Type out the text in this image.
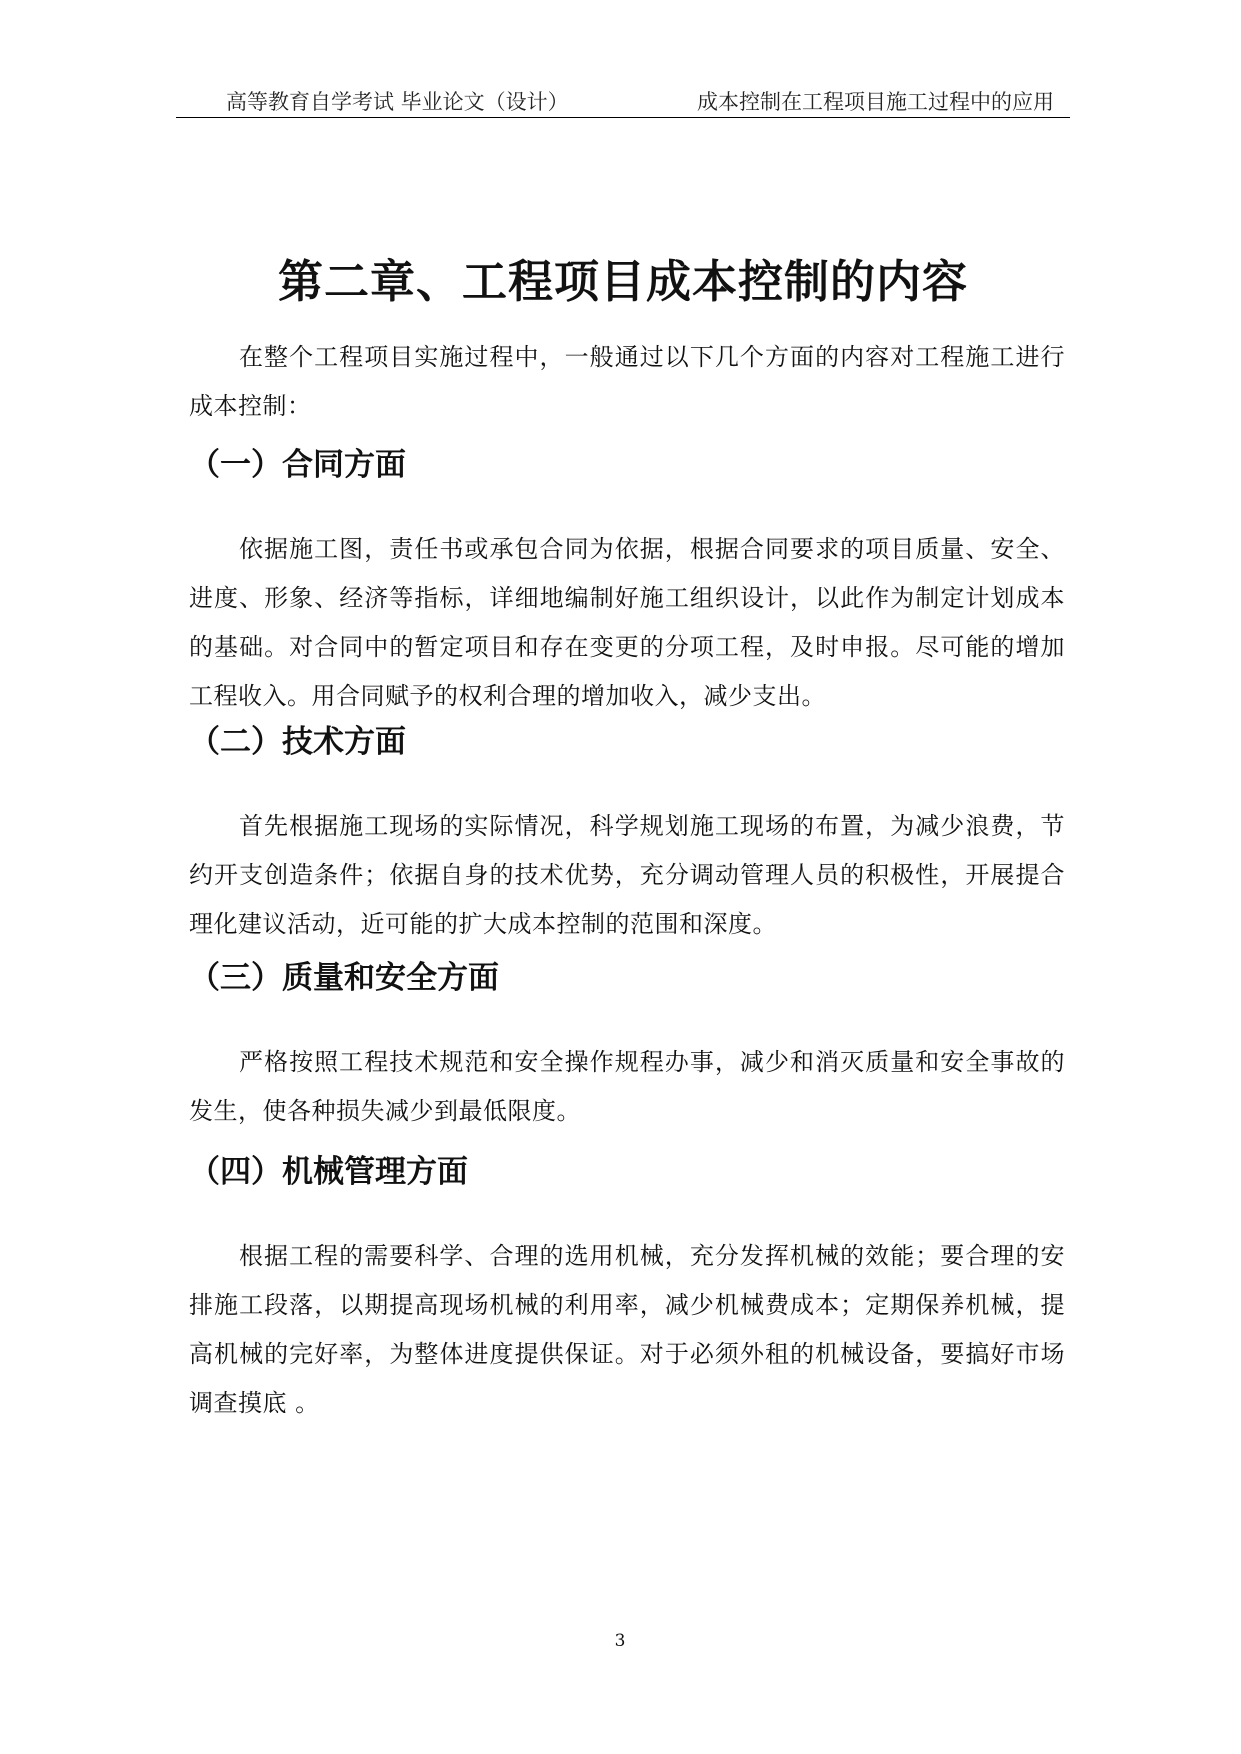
高等教育自学考试 毕业论文（设计）	成本控制在工程项目施工过程中的应用
第二章、工程项目成本控制的内容

在整个工程项目实施过程中，一般通过以下几个方面的内容对工程施工进行成本控制：

（一）合同方面

依据施工图，责任书或承包合同为依据，根据合同要求的项目质量、安全、进度、形象、经济等指标，详细地编制好施工组织设计，以此作为制定计划成本的基础。对合同中的暂定项目和存在变更的分项工程，及时申报。尽可能的增加工程收入。用合同赋予的权利合理的增加收入，减少支出。

（二）技术方面

首先根据施工现场的实际情况，科学规划施工现场的布置，为减少浪费，节约开支创造条件；依据自身的技术优势，充分调动管理人员的积极性，开展提合理化建议活动，近可能的扩大成本控制的范围和深度。

（三）质量和安全方面

严格按照工程技术规范和安全操作规程办事，减少和消灭质量和安全事故的发生，使各种损失减少到最低限度。

（四）机械管理方面

根据工程的需要科学、合理的选用机械，充分发挥机械的效能；要合理的安排施工段落，以期提高现场机械的利用率，减少机械费成本；定期保养机械，提高机械的完好率，为整体进度提供保证。对于必须外租的机械设备，要搞好市场调查摸底 。

3
